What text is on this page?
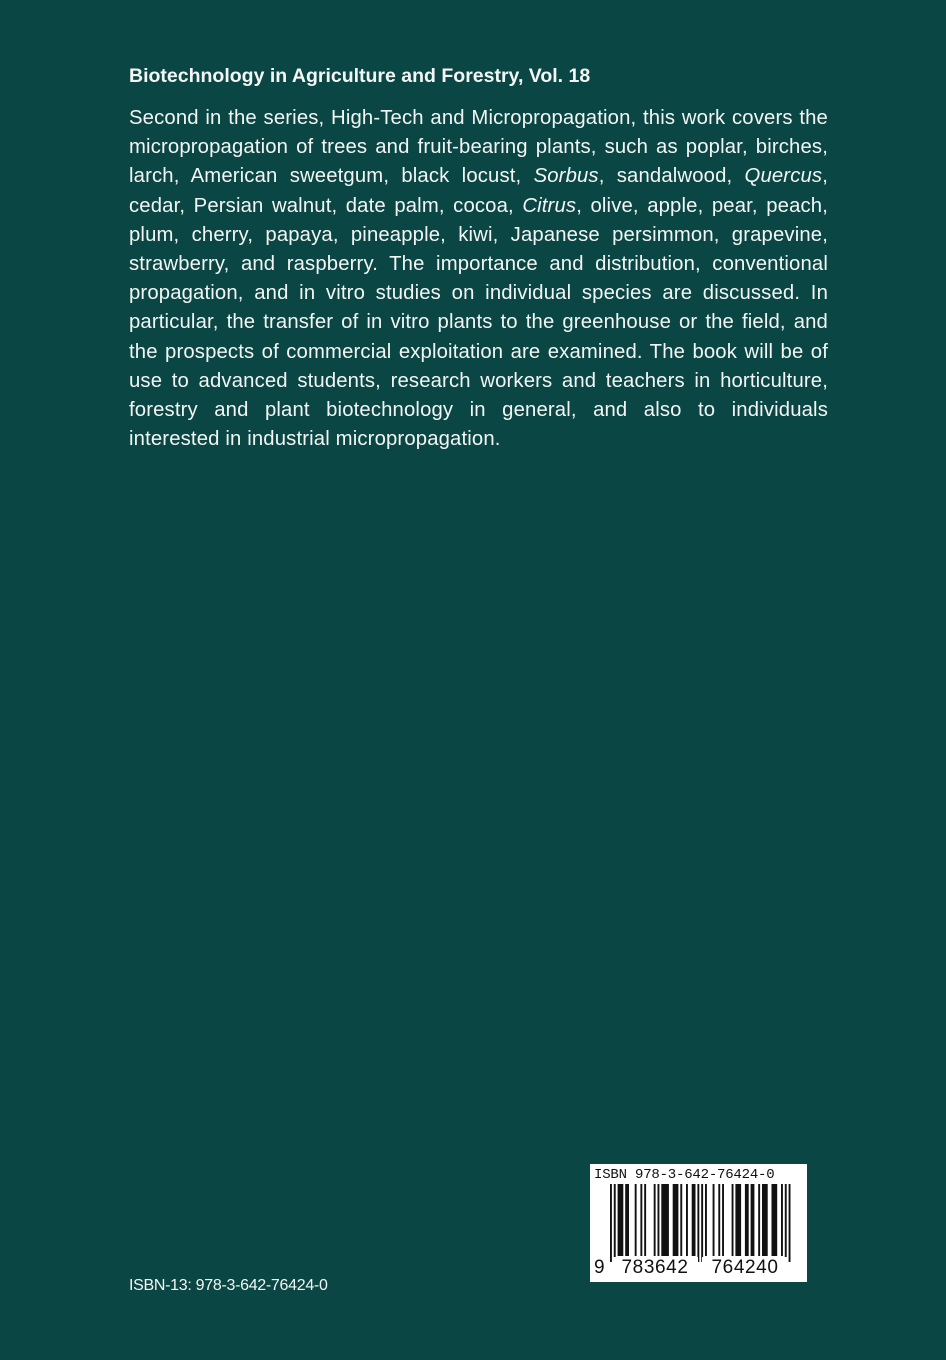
Biotechnology in Agriculture and Forestry, Vol. 18

Second in the series, High-Tech and Micropropagation, this work covers the micropropagation of trees and fruit-bearing plants, such as poplar, birches, larch, American sweetgum, black locust, Sorbus, sandalwood, Quercus, cedar, Persian walnut, date palm, cocoa, Citrus, olive, apple, pear, peach, plum, cherry, papaya, pineapple, kiwi, Japanese persimmon, grapevine, strawberry, and raspberry. The importance and distribution, conventional propagation, and in vitro studies on individual species are discussed. In particular, the transfer of in vitro plants to the greenhouse or the field, and the prospects of commercial exploitation are examined. The book will be of use to advanced students, research workers and teachers in horticulture, forestry and plant biotechnology in general, and also to individuals interested in industrial micropropagation.

ISBN-13: 978-3-642-76424-0
ISBN 978-3-642-76424-0
9 783642	764240
